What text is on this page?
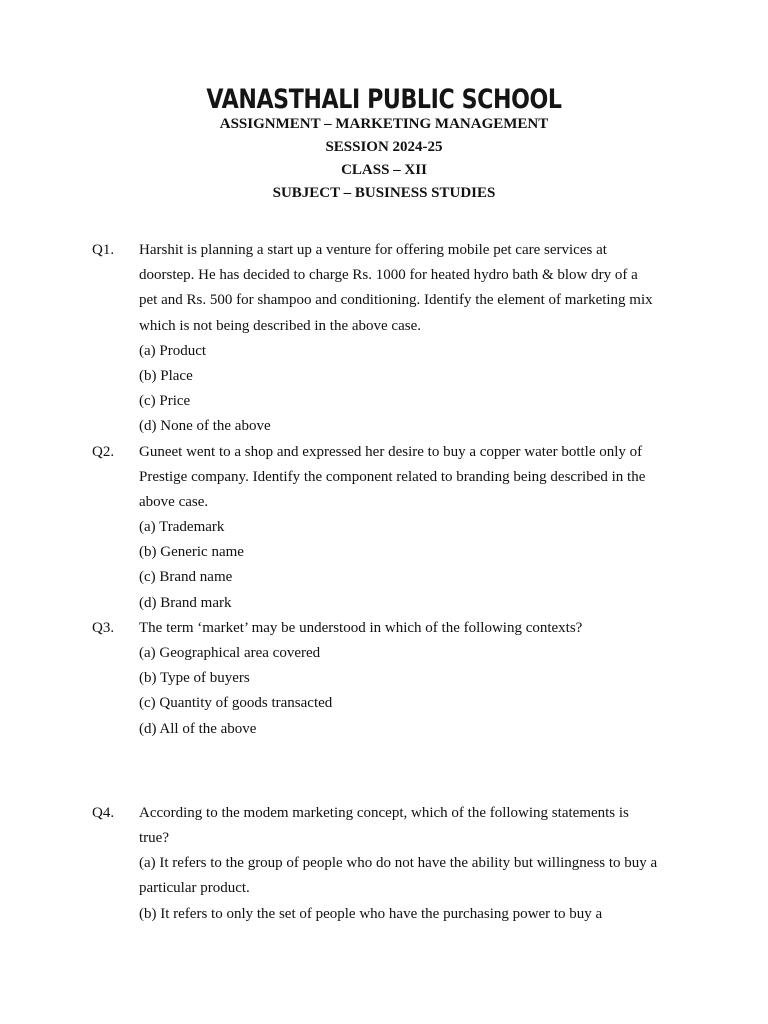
VANASTHALI PUBLIC SCHOOL
ASSIGNMENT – MARKETING MANAGEMENT
SESSION 2024-25
CLASS – XII
SUBJECT – BUSINESS STUDIES
Q1. Harshit is planning a start up a venture for offering mobile pet care services at
doorstep. He has decided to charge Rs. 1000 for heated hydro bath & blow dry of a
pet and Rs. 500 for shampoo and conditioning. Identify the element of marketing mix
which is not being described in the above case.
(a) Product
(b) Place
(c) Price
(d) None of the above
Q2. Guneet went to a shop and expressed her desire to buy a copper water bottle only of
Prestige company. Identify the component related to branding being described in the
above case.
(a) Trademark
(b) Generic name
(c) Brand name
(d) Brand mark
Q3. The term ‘market’ may be understood in which of the following contexts?
(a) Geographical area covered
(b) Type of buyers
(c) Quantity of goods transacted
(d) All of the above
Q4. According to the modem marketing concept, which of the following statements is
true?
(a) It refers to the group of people who do not have the ability but willingness to buy a
particular product.
(b) It refers to only the set of people who have the purchasing power to buy a
